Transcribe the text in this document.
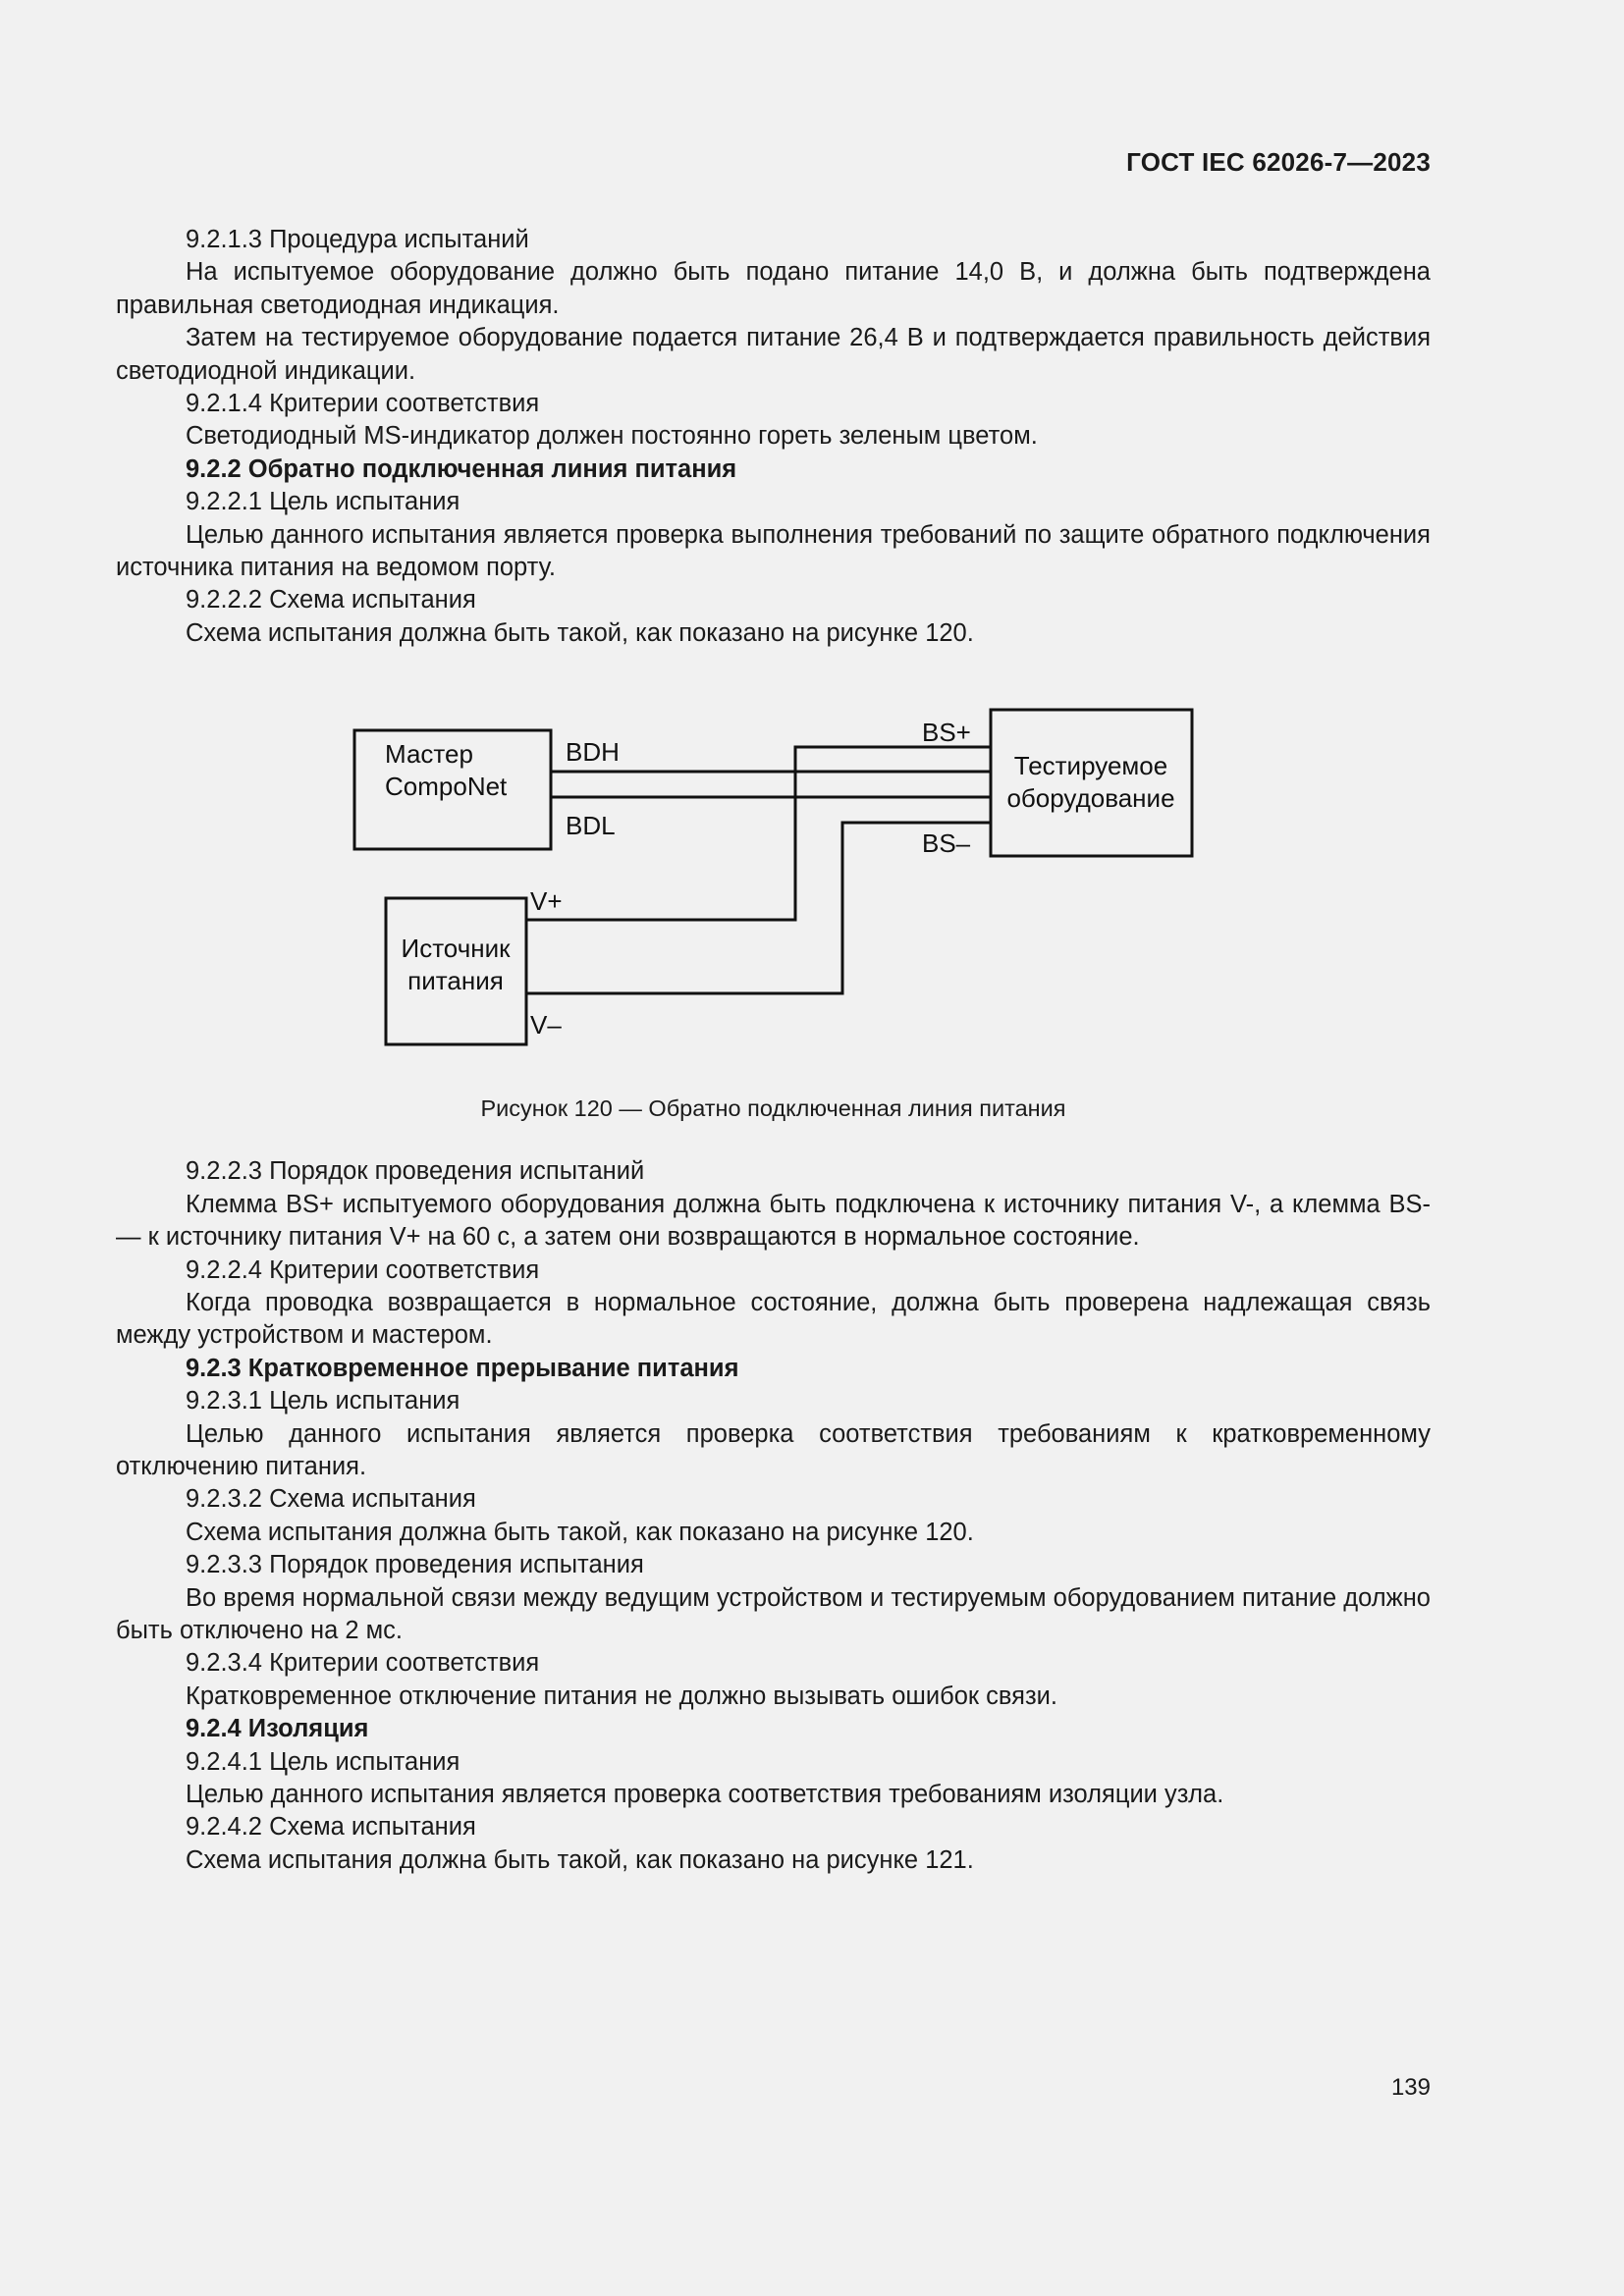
ГОСТ IEC 62026-7—2023

9.2.1.3 Процедура испытаний

На испытуемое оборудование должно быть подано питание 14,0 В, и должна быть подтверждена правильная светодиодная индикация.

Затем на тестируемое оборудование подается питание 26,4 В и подтверждается правильность действия светодиодной индикации.

9.2.1.4 Критерии соответствия

Светодиодный MS-индикатор должен постоянно гореть зеленым цветом.

9.2.2 Обратно подключенная линия питания

9.2.2.1 Цель испытания

Целью данного испытания является проверка выполнения требований по защите обратного подключения источника питания на ведомом порту.

9.2.2.2 Схема испытания

Схема испытания должна быть такой, как показано на рисунке 120.

Мастер
CompoNet
Тестируемое
оборудование
Источник
питания
BDH
BDL
BS+
BS–
V+
V–
Рисунок 120 — Обратно подключенная линия питания

9.2.2.3 Порядок проведения испытаний

Клемма BS+ испытуемого оборудования должна быть подключена к источнику питания V-, а клемма BS- — к источнику питания V+ на 60 с, а затем они возвращаются в нормальное состояние.

9.2.2.4 Критерии соответствия

Когда проводка возвращается в нормальное состояние, должна быть проверена надлежащая связь между устройством и мастером.

9.2.3 Кратковременное прерывание питания

9.2.3.1 Цель испытания

Целью данного испытания является проверка соответствия требованиям к кратковременному отключению питания.

9.2.3.2 Схема испытания

Схема испытания должна быть такой, как показано на рисунке 120.

9.2.3.3 Порядок проведения испытания

Во время нормальной связи между ведущим устройством и тестируемым оборудованием питание должно быть отключено на 2 мс.

9.2.3.4 Критерии соответствия

Кратковременное отключение питания не должно вызывать ошибок связи.

9.2.4 Изоляция

9.2.4.1 Цель испытания

Целью данного испытания является проверка соответствия требованиям изоляции узла.

9.2.4.2 Схема испытания

Схема испытания должна быть такой, как показано на рисунке 121.

139
